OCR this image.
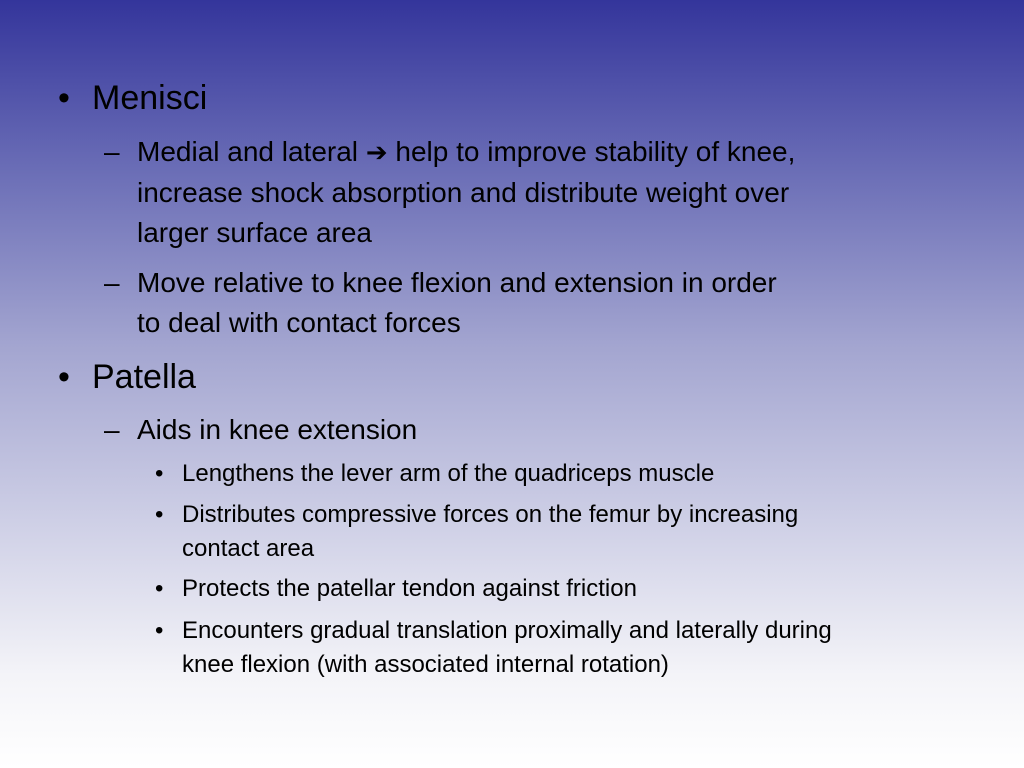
• Menisci
– Medial and lateral ➔ help to improve stability of knee,
increase shock absorption and distribute weight over
larger surface area
– Move relative to knee flexion and extension in order
to deal with contact forces
• Patella
– Aids in knee extension
• Lengthens the lever arm of the quadriceps muscle
• Distributes compressive forces on the femur by increasing
contact area
• Protects the patellar tendon against friction
• Encounters gradual translation proximally and laterally during
knee flexion (with associated internal rotation)
